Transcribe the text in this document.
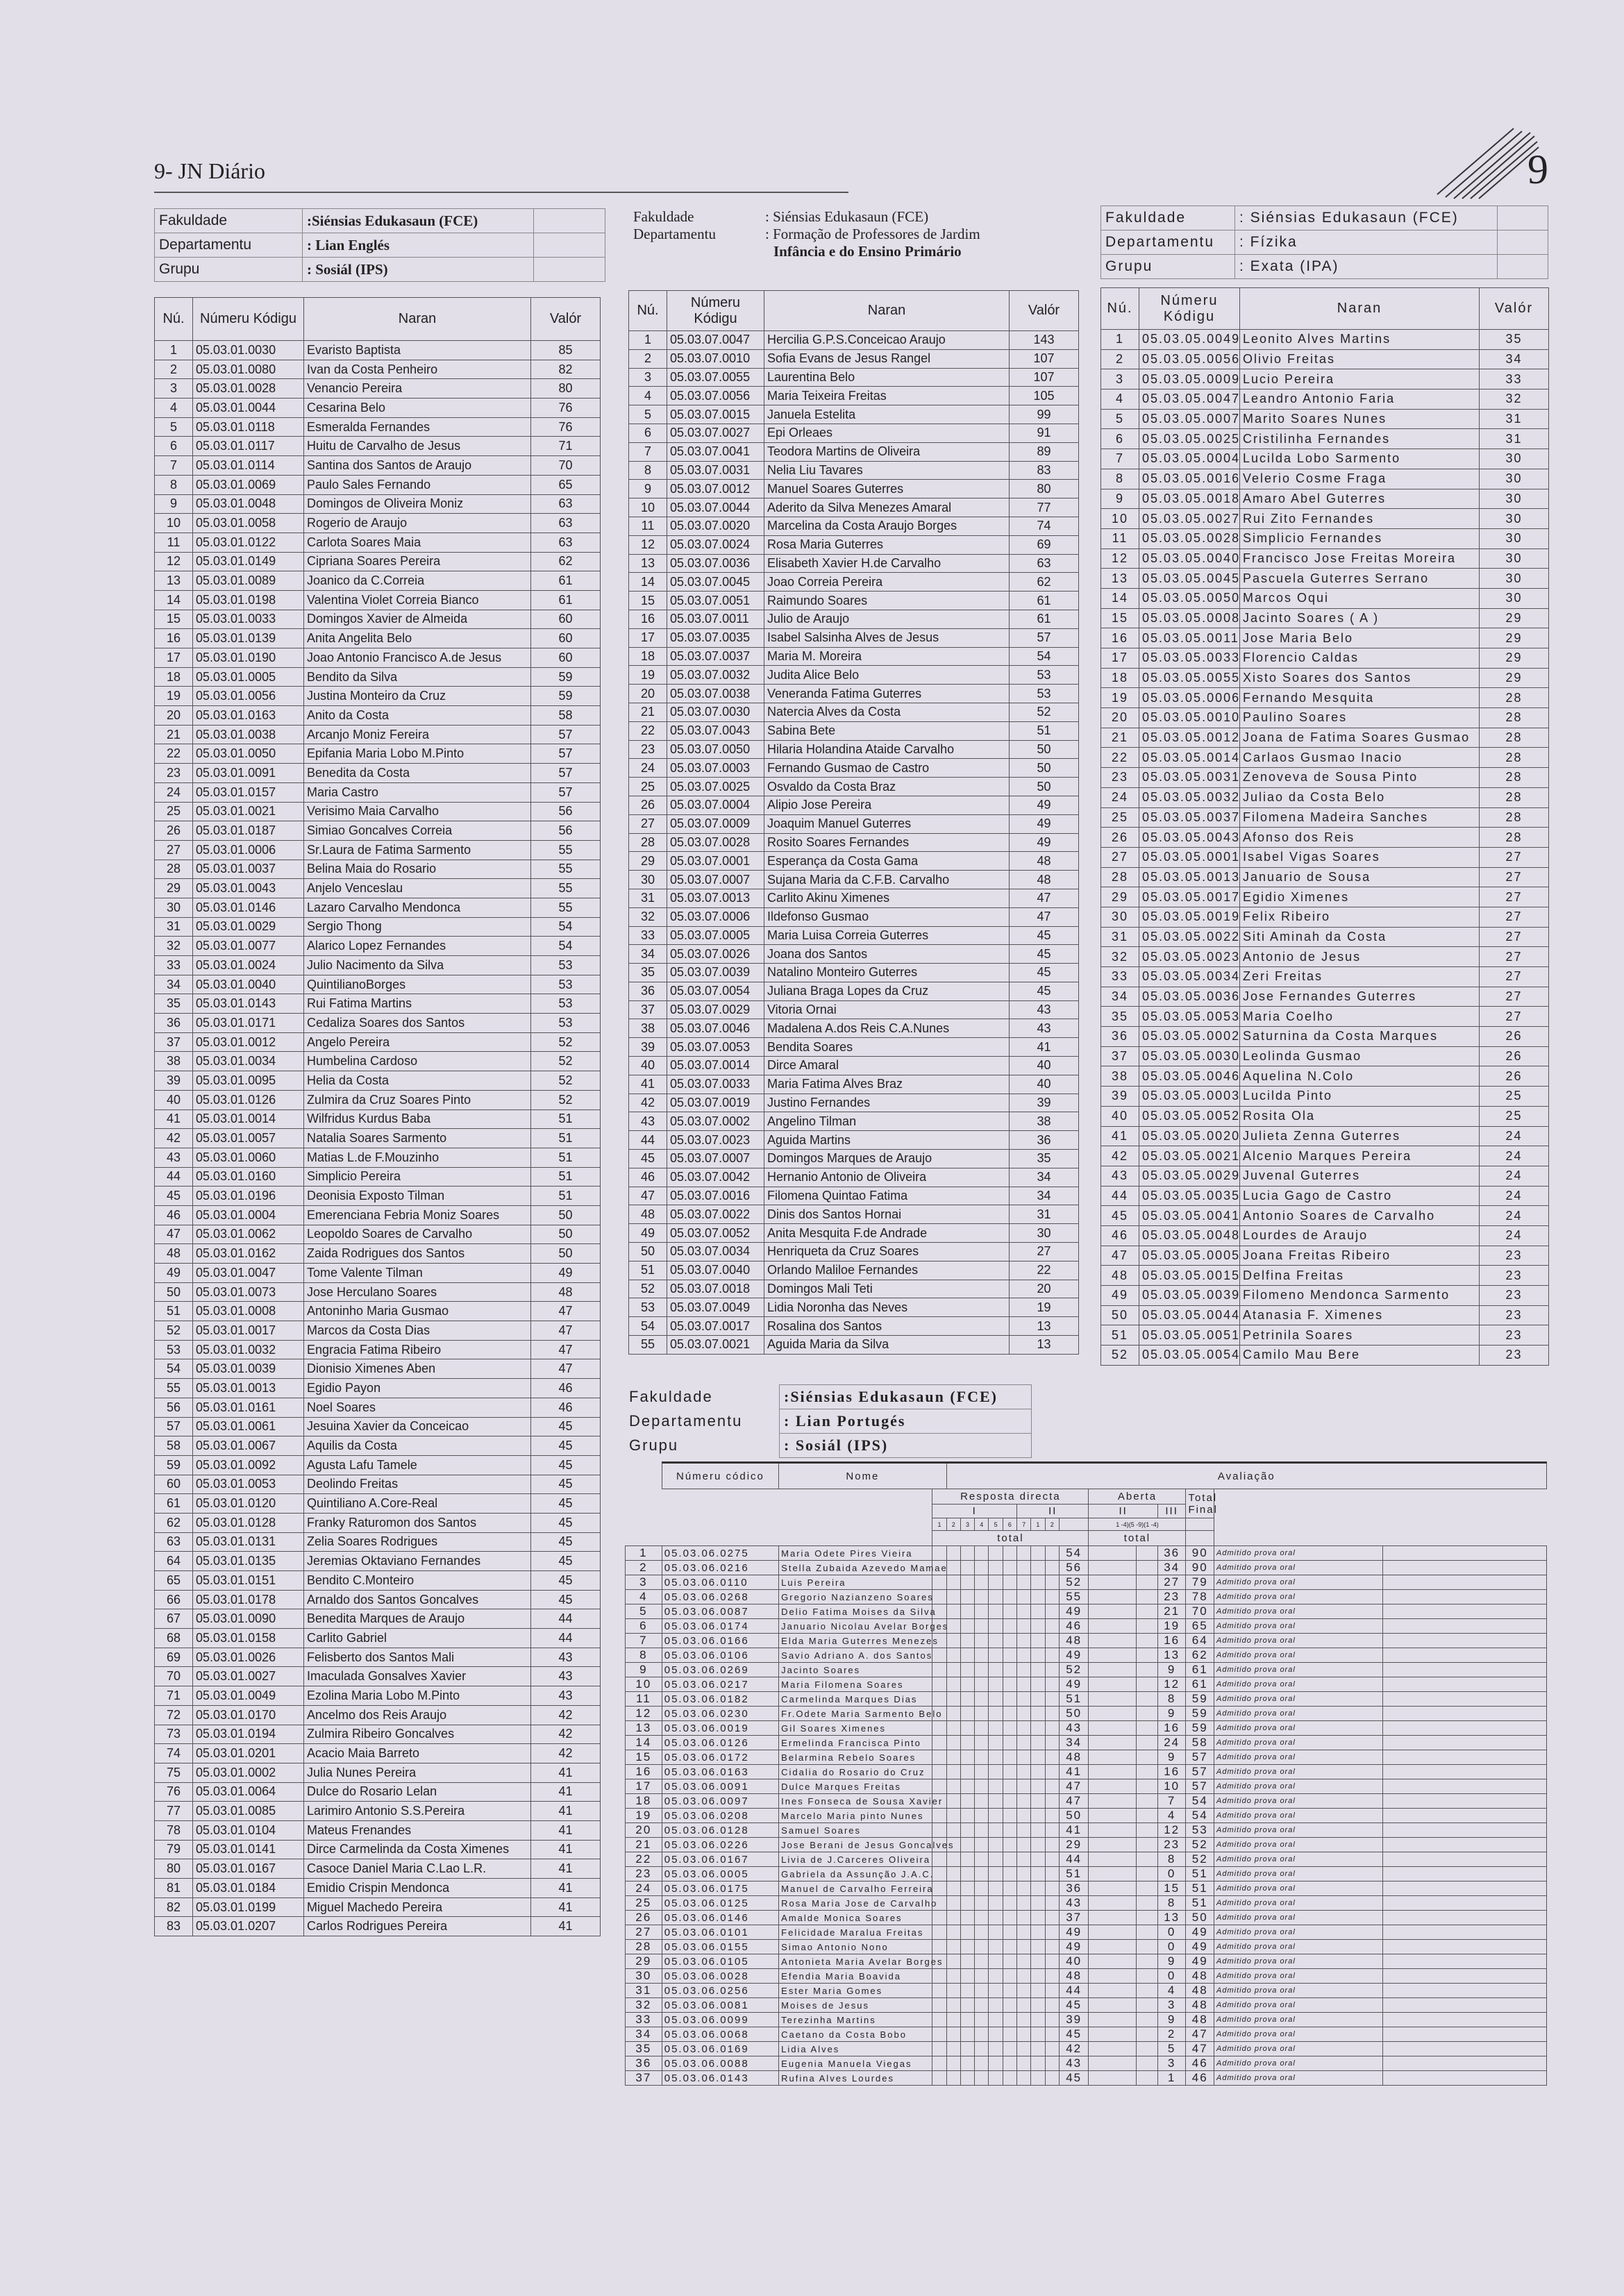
9- JN Diário	9
Fakuldade	:Siénsias Edukasaun (FCE)	
Departamentu	: Lian Englés	
Grupu	: Sosiál (IPS)	
Nú.	Númeru Kódigu	Naran	Valór
1	05.03.01.0030	Evaristo Baptista	85
2	05.03.01.0080	Ivan da Costa Penheiro	82
3	05.03.01.0028	Venancio Pereira	80
4	05.03.01.0044	Cesarina Belo	76
5	05.03.01.0118	Esmeralda Fernandes	76
6	05.03.01.0117	Huitu de Carvalho de Jesus	71
7	05.03.01.0114	Santina dos Santos de Araujo	70
8	05.03.01.0069	Paulo Sales Fernando	65
9	05.03.01.0048	Domingos de Oliveira Moniz	63
10	05.03.01.0058	Rogerio de Araujo	63
11	05.03.01.0122	Carlota Soares Maia	63
12	05.03.01.0149	Cipriana Soares Pereira	62
13	05.03.01.0089	Joanico da C.Correia	61
14	05.03.01.0198	Valentina Violet Correia Bianco	61
15	05.03.01.0033	Domingos Xavier de Almeida	60
16	05.03.01.0139	Anita Angelita Belo	60
17	05.03.01.0190	Joao Antonio Francisco A.de Jesus	60
18	05.03.01.0005	Bendito da Silva	59
19	05.03.01.0056	Justina Monteiro da Cruz	59
20	05.03.01.0163	Anito da Costa	58
21	05.03.01.0038	Arcanjo Moniz Fereira	57
22	05.03.01.0050	Epifania Maria Lobo M.Pinto	57
23	05.03.01.0091	Benedita da Costa	57
24	05.03.01.0157	Maria Castro	57
25	05.03.01.0021	Verisimo Maia Carvalho	56
26	05.03.01.0187	Simiao Goncalves Correia	56
27	05.03.01.0006	Sr.Laura de Fatima Sarmento	55
28	05.03.01.0037	Belina Maia do Rosario	55
29	05.03.01.0043	Anjelo Venceslau	55
30	05.03.01.0146	Lazaro Carvalho Mendonca	55
31	05.03.01.0029	Sergio Thong	54
32	05.03.01.0077	Alarico Lopez Fernandes	54
33	05.03.01.0024	Julio Nacimento da Silva	53
34	05.03.01.0040	QuintilianoBorges	53
35	05.03.01.0143	Rui Fatima Martins	53
36	05.03.01.0171	Cedaliza Soares dos Santos	53
37	05.03.01.0012	Angelo Pereira	52
38	05.03.01.0034	Humbelina Cardoso	52
39	05.03.01.0095	Helia da Costa	52
40	05.03.01.0126	Zulmira da Cruz Soares Pinto	52
41	05.03.01.0014	Wilfridus Kurdus Baba	51
42	05.03.01.0057	Natalia Soares Sarmento	51
43	05.03.01.0060	Matias L.de F.Mouzinho	51
44	05.03.01.0160	Simplicio Pereira	51
45	05.03.01.0196	Deonisia Exposto Tilman	51
46	05.03.01.0004	Emerenciana Febria Moniz Soares	50
47	05.03.01.0062	Leopoldo Soares de Carvalho	50
48	05.03.01.0162	Zaida Rodrigues dos Santos	50
49	05.03.01.0047	Tome Valente Tilman	49
50	05.03.01.0073	Jose Herculano Soares	48
51	05.03.01.0008	Antoninho Maria Gusmao	47
52	05.03.01.0017	Marcos da Costa Dias	47
53	05.03.01.0032	Engracia Fatima Ribeiro	47
54	05.03.01.0039	Dionisio Ximenes Aben	47
55	05.03.01.0013	Egidio Payon	46
56	05.03.01.0161	Noel Soares	46
57	05.03.01.0061	Jesuina Xavier da Conceicao	45
58	05.03.01.0067	Aquilis da Costa	45
59	05.03.01.0092	Agusta Lafu Tamele	45
60	05.03.01.0053	Deolindo Freitas	45
61	05.03.01.0120	Quintiliano A.Core-Real	45
62	05.03.01.0128	Franky Raturomon dos Santos	45
63	05.03.01.0131	Zelia Soares Rodrigues	45
64	05.03.01.0135	Jeremias Oktaviano Fernandes	45
65	05.03.01.0151	Bendito C.Monteiro	45
66	05.03.01.0178	Arnaldo dos Santos Goncalves	45
67	05.03.01.0090	Benedita Marques de Araujo	44
68	05.03.01.0158	Carlito Gabriel	44
69	05.03.01.0026	Felisberto dos Santos Mali	43
70	05.03.01.0027	Imaculada Gonsalves Xavier	43
71	05.03.01.0049	Ezolina Maria Lobo M.Pinto	43
72	05.03.01.0170	Ancelmo dos Reis Araujo	42
73	05.03.01.0194	Zulmira Ribeiro Goncalves	42
74	05.03.01.0201	Acacio Maia Barreto	42
75	05.03.01.0002	Julia Nunes Pereira	41
76	05.03.01.0064	Dulce do Rosario Lelan	41
77	05.03.01.0085	Larimiro Antonio S.S.Pereira	41
78	05.03.01.0104	Mateus Frenandes	41
79	05.03.01.0141	Dirce Carmelinda da Costa Ximenes	41
80	05.03.01.0167	Casoce Daniel Maria C.Lao L.R.	41
81	05.03.01.0184	Emidio Crispin Mendonca	41
82	05.03.01.0199	Miguel Machedo Pereira	41
83	05.03.01.0207	Carlos Rodrigues Pereira	41
Fakuldade	: Siénsias Edukasaun (FCE)
Departamentu	: Formação de Professores de Jardim
Infância e do Ensino Primário
Nú.	Númeru Kódigu	Naran	Valór
1	05.03.07.0047	Hercilia G.P.S.Conceicao Araujo	143
2	05.03.07.0010	Sofia Evans de Jesus Rangel	107
3	05.03.07.0055	Laurentina Belo	107
4	05.03.07.0056	Maria Teixeira Freitas	105
5	05.03.07.0015	Januela Estelita	99
6	05.03.07.0027	Epi Orleaes	91
7	05.03.07.0041	Teodora Martins de Oliveira	89
8	05.03.07.0031	Nelia Liu Tavares	83
9	05.03.07.0012	Manuel Soares Guterres	80
10	05.03.07.0044	Aderito da Silva Menezes Amaral	77
11	05.03.07.0020	Marcelina da Costa Araujo Borges	74
12	05.03.07.0024	Rosa Maria Guterres	69
13	05.03.07.0036	Elisabeth Xavier H.de Carvalho	63
14	05.03.07.0045	Joao Correia Pereira	62
15	05.03.07.0051	Raimundo Soares	61
16	05.03.07.0011	Julio de Araujo	61
17	05.03.07.0035	Isabel Salsinha Alves de Jesus	57
18	05.03.07.0037	Maria M. Moreira	54
19	05.03.07.0032	Judita Alice Belo	53
20	05.03.07.0038	Veneranda Fatima Guterres	53
21	05.03.07.0030	Natercia Alves da Costa	52
22	05.03.07.0043	Sabina Bete	51
23	05.03.07.0050	Hilaria Holandina Ataide Carvalho	50
24	05.03.07.0003	Fernando Gusmao de Castro	50
25	05.03.07.0025	Osvaldo da Costa Braz	50
26	05.03.07.0004	Alipio Jose Pereira	49
27	05.03.07.0009	Joaquim Manuel Guterres	49
28	05.03.07.0028	Rosito Soares Fernandes	49
29	05.03.07.0001	Esperança da Costa Gama	48
30	05.03.07.0007	Sujana Maria da C.F.B. Carvalho	48
31	05.03.07.0013	Carlito Akinu Ximenes	47
32	05.03.07.0006	Ildefonso Gusmao	47
33	05.03.07.0005	Maria Luisa Correia Guterres	45
34	05.03.07.0026	Joana dos Santos	45
35	05.03.07.0039	Natalino Monteiro Guterres	45
36	05.03.07.0054	Juliana Braga Lopes da Cruz	45
37	05.03.07.0029	Vitoria Ornai	43
38	05.03.07.0046	Madalena A.dos Reis C.A.Nunes	43
39	05.03.07.0053	Bendita Soares	41
40	05.03.07.0014	Dirce Amaral	40
41	05.03.07.0033	Maria Fatima Alves Braz	40
42	05.03.07.0019	Justino Fernandes	39
43	05.03.07.0002	Angelino Tilman	38
44	05.03.07.0023	Aguida Martins	36
45	05.03.07.0007	Domingos Marques de Araujo	35
46	05.03.07.0042	Hernanio Antonio de Oliveira	34
47	05.03.07.0016	Filomena Quintao Fatima	34
48	05.03.07.0022	Dinis dos Santos Hornai	31
49	05.03.07.0052	Anita Mesquita F.de Andrade	30
50	05.03.07.0034	Henriqueta da Cruz Soares	27
51	05.03.07.0040	Orlando Maliloe Fernandes	22
52	05.03.07.0018	Domingos Mali Teti	20
53	05.03.07.0049	Lidia Noronha das Neves	19
54	05.03.07.0017	Rosalina dos Santos	13
55	05.03.07.0021	Aguida Maria da Silva	13
Fakuldade	: Siénsias Edukasaun (FCE)	
Departamentu	: Fízika	
Grupu	: Exata (IPA)	
Nú.	Númeru Kódigu	Naran	Valór
1	05.03.05.0049	Leonito Alves Martins	35
2	05.03.05.0056	Olivio Freitas	34
3	05.03.05.0009	Lucio Pereira	33
4	05.03.05.0047	Leandro Antonio Faria	32
5	05.03.05.0007	Marito Soares Nunes	31
6	05.03.05.0025	Cristilinha Fernandes	31
7	05.03.05.0004	Lucilda Lobo Sarmento	30
8	05.03.05.0016	Velerio Cosme Fraga	30
9	05.03.05.0018	Amaro Abel Guterres	30
10	05.03.05.0027	Rui Zito Fernandes	30
11	05.03.05.0028	Simplicio Fernandes	30
12	05.03.05.0040	Francisco Jose Freitas Moreira	30
13	05.03.05.0045	Pascuela Guterres Serrano	30
14	05.03.05.0050	Marcos Oqui	30
15	05.03.05.0008	Jacinto Soares ( A )	29
16	05.03.05.0011	Jose Maria Belo	29
17	05.03.05.0033	Florencio Caldas	29
18	05.03.05.0055	Xisto Soares dos Santos	29
19	05.03.05.0006	Fernando Mesquita	28
20	05.03.05.0010	Paulino Soares	28
21	05.03.05.0012	Joana de Fatima Soares Gusmao	28
22	05.03.05.0014	Carlaos Gusmao Inacio	28
23	05.03.05.0031	Zenoveva de Sousa Pinto	28
24	05.03.05.0032	Juliao da Costa Belo	28
25	05.03.05.0037	Filomena Madeira Sanches	28
26	05.03.05.0043	Afonso dos Reis	28
27	05.03.05.0001	Isabel Vigas Soares	27
28	05.03.05.0013	Januario de Sousa	27
29	05.03.05.0017	Egidio Ximenes	27
30	05.03.05.0019	Felix Ribeiro	27
31	05.03.05.0022	Siti Aminah da Costa	27
32	05.03.05.0023	Antonio de Jesus	27
33	05.03.05.0034	Zeri Freitas	27
34	05.03.05.0036	Jose Fernandes Guterres	27
35	05.03.05.0053	Maria Coelho	27
36	05.03.05.0002	Saturnina da Costa Marques	26
37	05.03.05.0030	Leolinda Gusmao	26
38	05.03.05.0046	Aquelina N.Colo	26
39	05.03.05.0003	Lucilda Pinto	25
40	05.03.05.0052	Rosita Ola	25
41	05.03.05.0020	Julieta Zenna Guterres	24
42	05.03.05.0021	Alcenio Marques Pereira	24
43	05.03.05.0029	Juvenal Guterres	24
44	05.03.05.0035	Lucia Gago de Castro	24
45	05.03.05.0041	Antonio Soares de Carvalho	24
46	05.03.05.0048	Lourdes de Araujo	24
47	05.03.05.0005	Joana Freitas Ribeiro	23
48	05.03.05.0015	Delfina Freitas	23
49	05.03.05.0039	Filomeno Mendonca Sarmento	23
50	05.03.05.0044	Atanasia F. Ximenes	23
51	05.03.05.0051	Petrinila Soares	23
52	05.03.05.0054	Camilo Mau Bere	23
Fakuldade	:Siénsias Edukasaun (FCE)	
Departamentu	: Lian Portugés	
Grupu	: Sosiál (IPS)	
	Númeru códico	Nome		Avaliação														
			Resposta directa										Aberta			Total Final		
			I						II				II		III			
			1	2	3	4	5	6	7	1	2		1 -4)(5 -9)(1 -4)					
			total										total					
1	05.03.06.0275	Maria Odete Pires Vieira										54			36	90	Admitido prova oral	
2	05.03.06.0216	Stella Zubaida Azevedo Mamae										56			34	90	Admitido prova oral	
3	05.03.06.0110	Luis Pereira										52			27	79	Admitido prova oral	
4	05.03.06.0268	Gregorio Nazianzeno Soares										55			23	78	Admitido prova oral	
5	05.03.06.0087	Delio Fatima Moises da Silva										49			21	70	Admitido prova oral	
6	05.03.06.0174	Januario Nicolau Avelar Borges										46			19	65	Admitido prova oral	
7	05.03.06.0166	Elda Maria Guterres Menezes										48			16	64	Admitido prova oral	
8	05.03.06.0106	Savio Adriano A. dos Santos										49			13	62	Admitido prova oral	
9	05.03.06.0269	Jacinto Soares										52			9	61	Admitido prova oral	
10	05.03.06.0217	Maria Filomena Soares										49			12	61	Admitido prova oral	
11	05.03.06.0182	Carmelinda Marques Dias										51			8	59	Admitido prova oral	
12	05.03.06.0230	Fr.Odete Maria Sarmento Belo										50			9	59	Admitido prova oral	
13	05.03.06.0019	Gil Soares Ximenes										43			16	59	Admitido prova oral	
14	05.03.06.0126	Ermelinda Francisca Pinto										34			24	58	Admitido prova oral	
15	05.03.06.0172	Belarmina Rebelo Soares										48			9	57	Admitido prova oral	
16	05.03.06.0163	Cidalia do Rosario do Cruz										41			16	57	Admitido prova oral	
17	05.03.06.0091	Dulce Marques Freitas										47			10	57	Admitido prova oral	
18	05.03.06.0097	Ines Fonseca de Sousa Xavier										47			7	54	Admitido prova oral	
19	05.03.06.0208	Marcelo Maria pinto Nunes										50			4	54	Admitido prova oral	
20	05.03.06.0128	Samuel Soares										41			12	53	Admitido prova oral	
21	05.03.06.0226	Jose Berani de Jesus Goncalves										29			23	52	Admitido prova oral	
22	05.03.06.0167	Livia de J.Carceres Oliveira										44			8	52	Admitido prova oral	
23	05.03.06.0005	Gabriela da Assunção J.A.C.										51			0	51	Admitido prova oral	
24	05.03.06.0175	Manuel de Carvalho Ferreira										36			15	51	Admitido prova oral	
25	05.03.06.0125	Rosa Maria Jose de Carvalho										43			8	51	Admitido prova oral	
26	05.03.06.0146	Amalde Monica Soares										37			13	50	Admitido prova oral	
27	05.03.06.0101	Felicidade Maralua Freitas										49			0	49	Admitido prova oral	
28	05.03.06.0155	Simao Antonio Nono										49			0	49	Admitido prova oral	
29	05.03.06.0105	Antonieta Maria Avelar Borges										40			9	49	Admitido prova oral	
30	05.03.06.0028	Efendia Maria Boavida										48			0	48	Admitido prova oral	
31	05.03.06.0256	Ester Maria Gomes										44			4	48	Admitido prova oral	
32	05.03.06.0081	Moises de Jesus										45			3	48	Admitido prova oral	
33	05.03.06.0099	Terezinha Martins										39			9	48	Admitido prova oral	
34	05.03.06.0068	Caetano da Costa Bobo										45			2	47	Admitido prova oral	
35	05.03.06.0169	Lidia Alves										42			5	47	Admitido prova oral	
36	05.03.06.0088	Eugenia Manuela Viegas										43			3	46	Admitido prova oral	
37	05.03.06.0143	Rufina Alves Lourdes										45			1	46	Admitido prova oral	
